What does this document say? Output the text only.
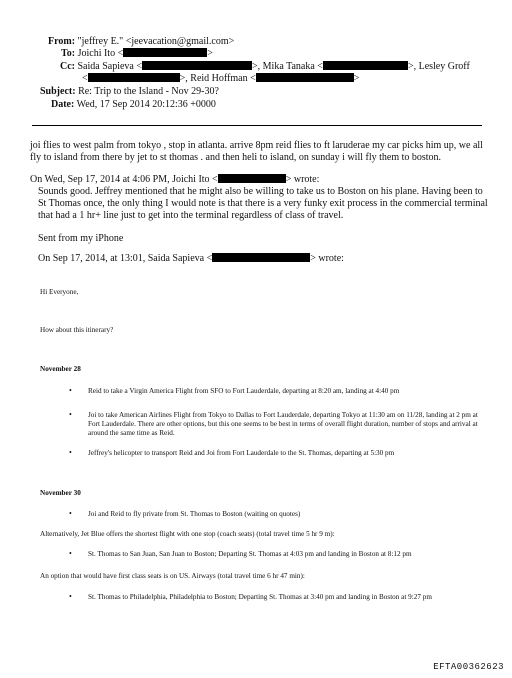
From: "jeffrey E." <jeevacation@gmail.com>
To: Joichi Ito <	>
Cc: Saida Sapieva <	>, Mika Tanaka <	>, Lesley Groff
<	>, Reid Hoffman <	>
Subject: Re: Trip to the Island - Nov 29-30?
Date: Wed, 17 Sep 2014 20:12:36 +0000
joi flies to west palm from tokyo , stop in atlanta. arrive 8pm reid flies to ft laruderae my car picks him up, we all fly to island from there by jet to st thomas . and then heli to island, on sunday i will fly them to boston.
On Wed, Sep 17, 2014 at 4:06 PM, Joichi Ito <	> wrote:
Sounds good. Jeffrey mentioned that he might also be willing to take us to Boston on his plane. Having been to St Thomas once, the only thing I would note is that there is a very funky exit process in the commercial terminal that had a 1 hr+ line just to get into the terminal regardless of class of travel.
Sent from my iPhone
On Sep 17, 2014, at 13:01, Saida Sapieva <	> wrote:
Hi Everyone,
How about this itinerary?
November 28
• Reid to take a Virgin America Flight from SFO to Fort Lauderdale, departing at 8:20 am, landing at 4:40 pm
• Joi to take American Airlines Flight from Tokyo to Dallas to Fort Lauderdale, departing Tokyo at 11:30 am on 11/28, landing at 2 pm at Fort Lauderdale. There are other options, but this one seems to be best in terms of overall flight duration, number of stops and arrival at around the same time as Reid.
• Jeffrey's helicopter to transport Reid and Joi from Fort Lauderdale to the St. Thomas, departing at 5:30 pm
November 30
• Joi and Reid to fly private from St. Thomas to Boston (waiting on quotes)
Alternatively, Jet Blue offers the shortest flight with one stop (coach seats) (total travel time 5 hr 9 m):
• St. Thomas to San Juan, San Juan to Boston; Departing St. Thomas at 4:03 pm and landing in Boston at 8:12 pm
An option that would have first class seats is on US. Airways (total travel time 6 hr 47 min):
• St. Thomas to Philadelphia, Philadelphia to Boston; Departing St. Thomas at 3:40 pm and landing in Boston at 9:27 pm
EFTA00362623
